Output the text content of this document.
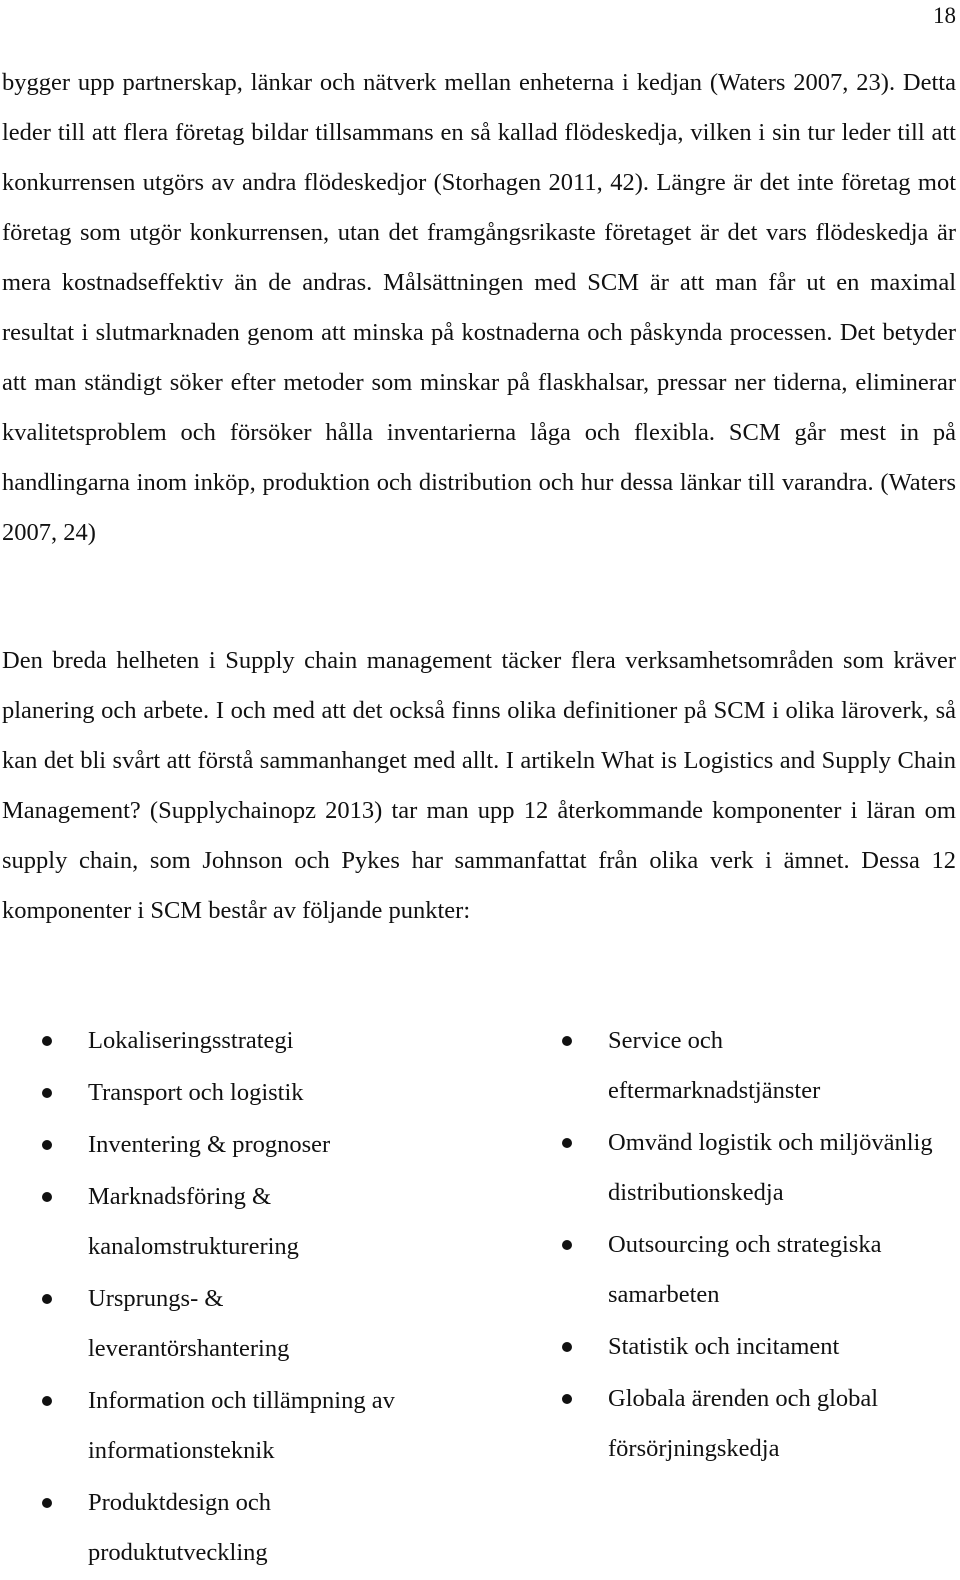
18

bygger upp partnerskap, länkar och nätverk mellan enheterna i kedjan (Waters 2007, 23). Detta leder till att flera företag bildar tillsammans en så kallad flödeskedja, vilken i sin tur leder till att konkurrensen utgörs av andra flödeskedjor (Storhagen 2011, 42). Längre är det inte företag mot företag som utgör konkurrensen, utan det framgångsrikaste företaget är det vars flödeskedja är mera kostnadseffektiv än de andras. Målsättningen med SCM är att man får ut en maximal resultat i slutmarknaden genom att minska på kostnaderna och påskynda processen. Det betyder att man ständigt söker efter metoder som minskar på flaskhalsar, pressar ner tiderna, eliminerar kvalitetsproblem och försöker hålla inventarierna låga och flexibla. SCM går mest in på handlingarna inom inköp, produktion och distribution och hur dessa länkar till varandra. (Waters 2007, 24)

Den breda helheten i Supply chain management täcker flera verksamhetsområden som kräver planering och arbete. I och med att det också finns olika definitioner på SCM i olika läroverk, så kan det bli svårt att förstå sammanhanget med allt. I artikeln What is Logistics and Supply Chain Management? (Supplychainopz 2013) tar man upp 12 återkommande komponenter i läran om supply chain, som Johnson och Pykes har sammanfattat från olika verk i ämnet. Dessa 12 komponenter i SCM består av följande punkter:

Lokaliseringsstrategi
Transport och logistik
Inventering & prognoser
Marknadsföring & kanalomstrukturering
Ursprungs- & leverantörshantering
Information och tillämpning av informationsteknik
Produktdesign och produktutveckling
Service och eftermarknadstjänster
Omvänd logistik och miljövänlig distributionskedja
Outsourcing och strategiska samarbeten
Statistik och incitament
Globala ärenden och global försörjningskedja
